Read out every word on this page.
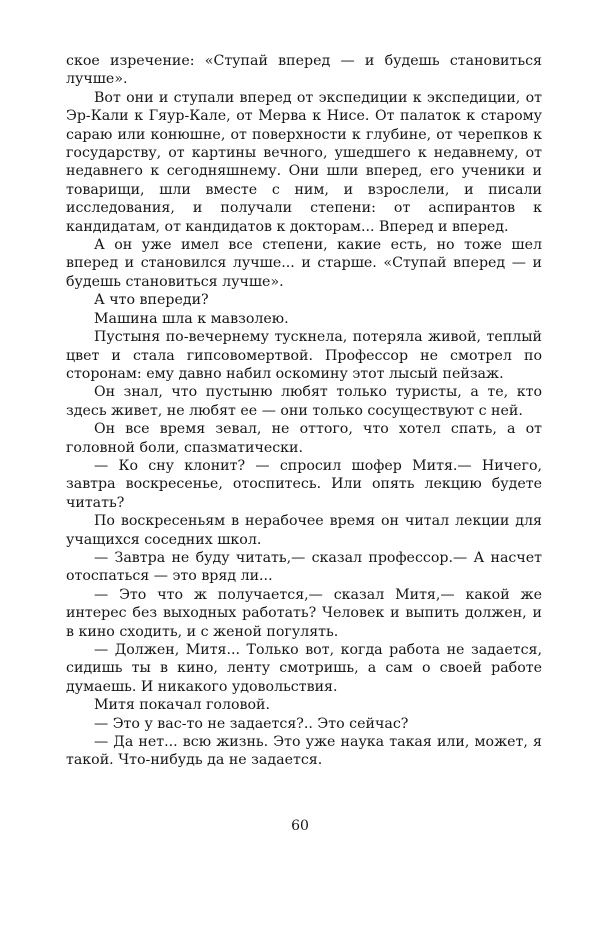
ское изречение: «Ступай вперед — и будешь становиться лучше».

Вот они и ступали вперед от экспедиции к экспедиции, от Эр-Кали к Гяур-Кале, от Мерва к Нисе. От палаток к старому сараю или конюшне, от поверхности к глубине, от черепков к государству, от картины вечного, ушедшего к недавнему, от недавнего к сегодняшнему. Они шли вперед, его ученики и товарищи, шли вместе с ним, и взрослели, и писали исследования, и получали степени: от аспирантов к кандидатам, от кандидатов к докторам... Вперед и вперед.

А он уже имел все степени, какие есть, но тоже шел вперед и становился лучше... и старше. «Ступай вперед — и будешь становиться лучше».

А что впереди?

Машина шла к мавзолею.

Пустыня по-вечернему тускнела, потеряла живой, теплый цвет и стала гипсовомертвой. Профессор не смотрел по сторонам: ему давно набил оскомину этот лысый пейзаж.

Он знал, что пустыню любят только туристы, а те, кто здесь живет, не любят ее — они только сосуществуют с ней.

Он все время зевал, не оттого, что хотел спать, а от головной боли, спазматически.

— Ко сну клонит? — спросил шофер Митя.— Ничего, завтра воскресенье, отоспитесь. Или опять лекцию будете читать?

По воскресеньям в нерабочее время он читал лекции для учащихся соседних школ.

— Завтра не буду читать,— сказал профессор.— А насчет отоспаться — это вряд ли...

— Это что ж получается,— сказал Митя,— какой же интерес без выходных работать? Человек и выпить должен, и в кино сходить, и с женой погулять.

— Должен, Митя... Только вот, когда работа не задается, сидишь ты в кино, ленту смотришь, а сам о своей работе думаешь. И никакого удовольствия.

Митя покачал головой.

— Это у вас-то не задается?.. Это сейчас?

— Да нет... всю жизнь. Это уже наука такая или, может, я такой. Что-нибудь да не задается.

60
